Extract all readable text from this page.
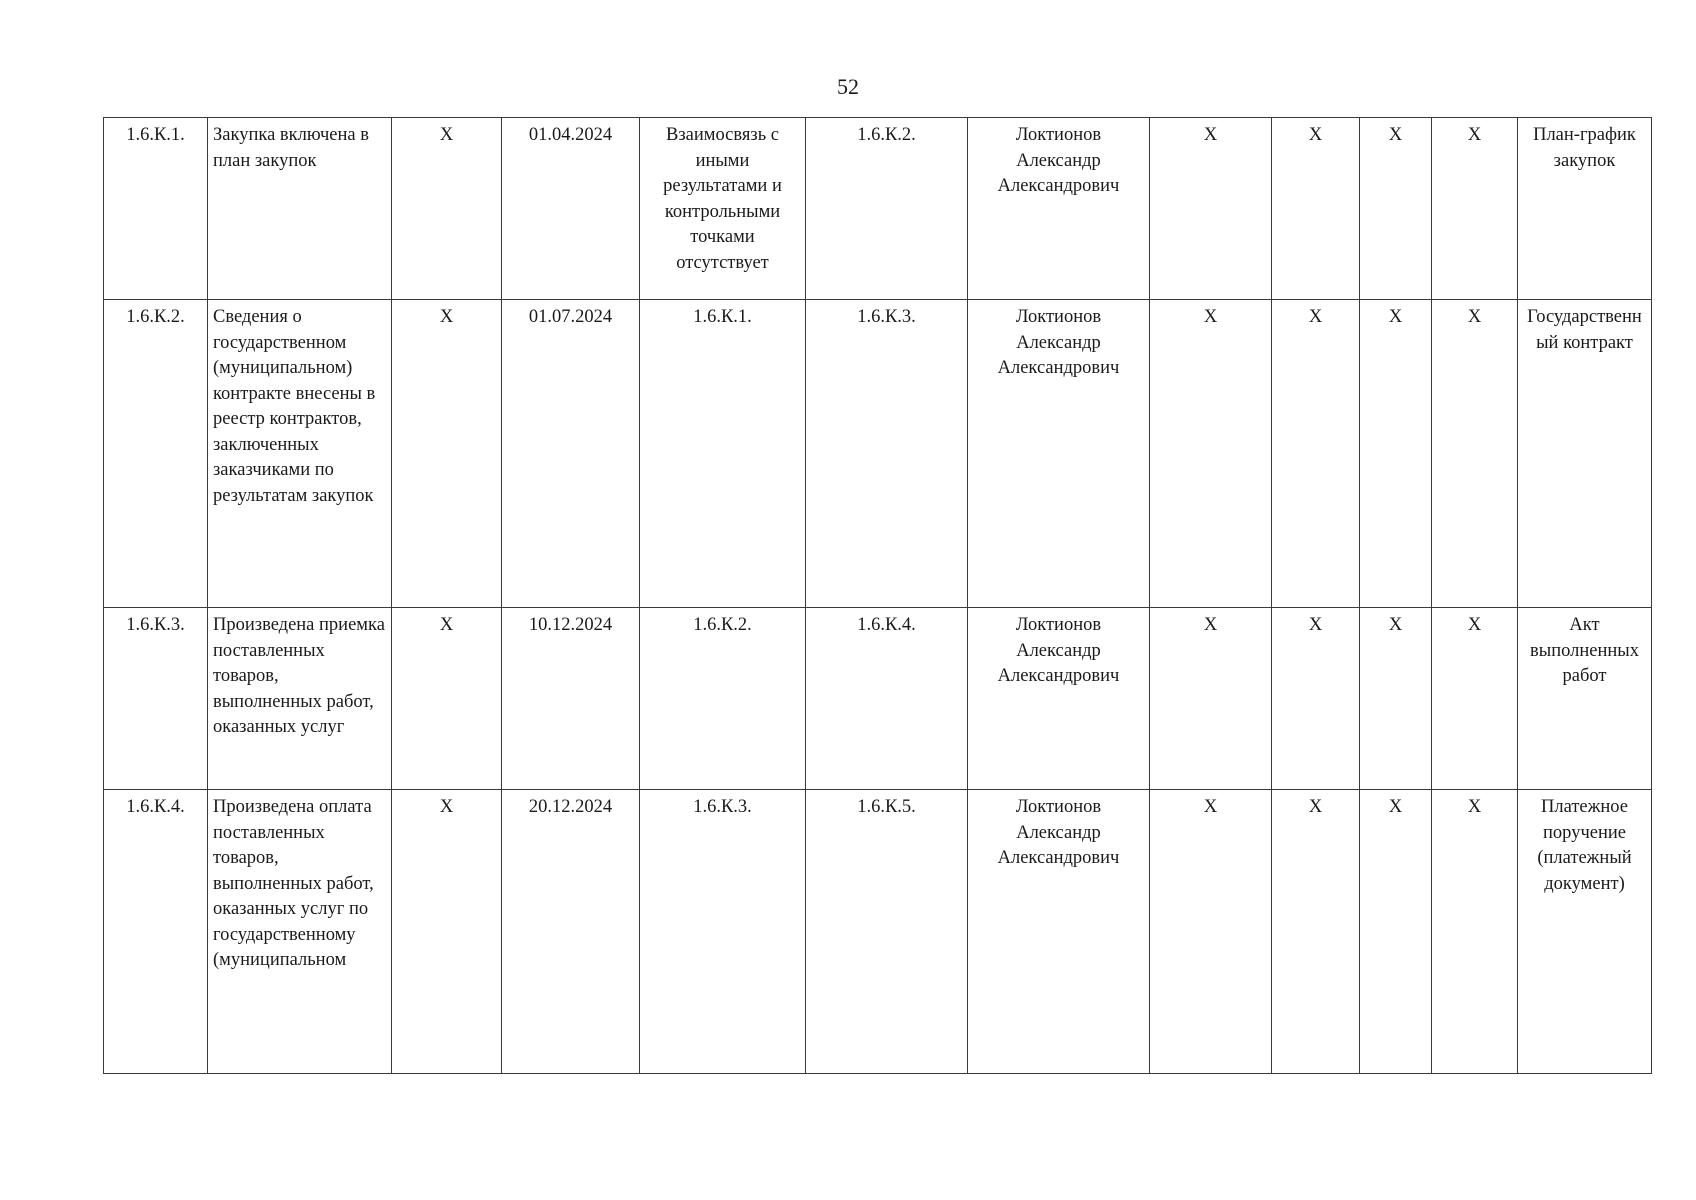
52
1.6.К.1.	Закупка включена в план закупок	Х	01.04.2024	Взаимосвязь с иными результатами и контрольными точками отсутствует	1.6.К.2.	Локтионов Александр Александрович	Х	Х	Х	Х	План-график закупок
1.6.К.2.	Сведения о государственном (муниципальном) контракте внесены в реестр контрактов, заключенных заказчиками по результатам закупок	Х	01.07.2024	1.6.К.1.	1.6.К.3.	Локтионов Александр Александрович	Х	Х	Х	Х	Государственный контракт
1.6.К.3.	Произведена приемка поставленных товаров, выполненных работ, оказанных услуг	Х	10.12.2024	1.6.К.2.	1.6.К.4.	Локтионов Александр Александрович	Х	Х	Х	Х	Акт выполненных работ
1.6.К.4.	Произведена оплата поставленных товаров, выполненных работ, оказанных услуг по государственному (муниципальном	Х	20.12.2024	1.6.К.3.	1.6.К.5.	Локтионов Александр Александрович	Х	Х	Х	Х	Платежное поручение (платежный документ)
